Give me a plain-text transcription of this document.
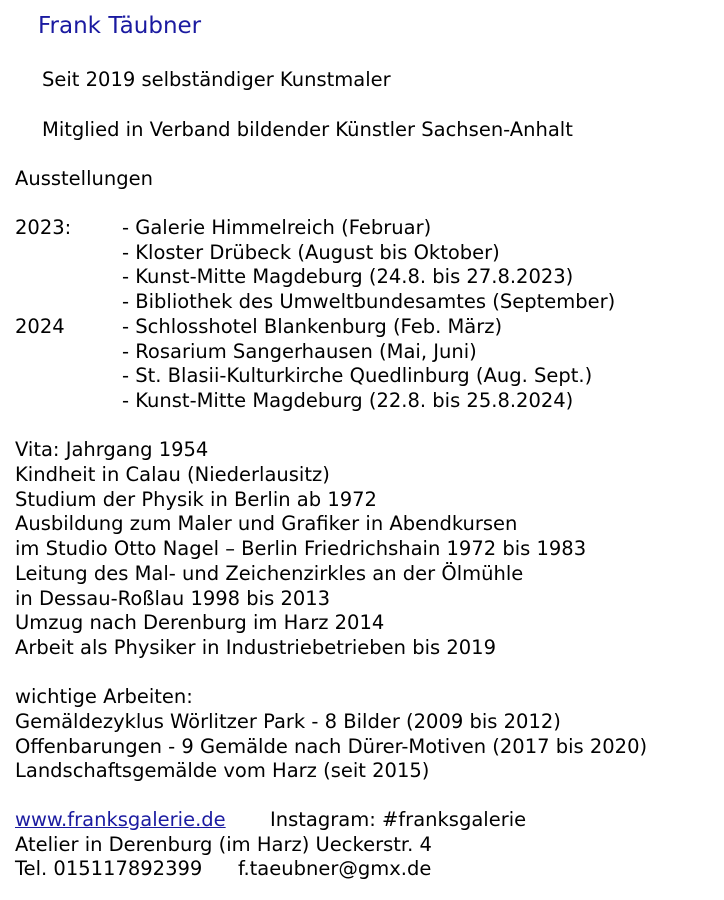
Frank Täubner
Seit 2019 selbständiger Kunstmaler
Mitglied in Verband bildender Künstler Sachsen-Anhalt
Ausstellungen
2023:
2024
- Galerie Himmelreich (Februar)
- Kloster Drübeck (August bis Oktober)
- Kunst-Mitte Magdeburg (24.8. bis 27.8.2023)
- Bibliothek des Umweltbundesamtes (September)
- Schlosshotel Blankenburg (Feb. März)
- Rosarium Sangerhausen (Mai, Juni)
- St. Blasii-Kulturkirche Quedlinburg (Aug. Sept.)
- Kunst-Mitte Magdeburg (22.8. bis 25.8.2024)
Vita: Jahrgang 1954
Kindheit in Calau (Niederlausitz)
Studium der Physik in Berlin ab 1972
Ausbildung zum Maler und Grafiker in Abendkursen
im Studio Otto Nagel – Berlin Friedrichshain 1972 bis 1983
Leitung des Mal- und Zeichenzirkles an der Ölmühle
in Dessau-Roßlau 1998 bis 2013
Umzug nach Derenburg im Harz 2014
Arbeit als Physiker in Industriebetrieben bis 2019
wichtige Arbeiten:
Gemäldezyklus Wörlitzer Park - 8 Bilder (2009 bis 2012)
Offenbarungen - 9 Gemälde nach Dürer-Motiven (2017 bis 2020)
Landschaftsgemälde vom Harz (seit 2015)
www.franksgalerie.de Instagram: #franksgalerie
Atelier in Derenburg (im Harz) Ueckerstr. 4
Tel. 015117892399 f.taeubner@gmx.de
